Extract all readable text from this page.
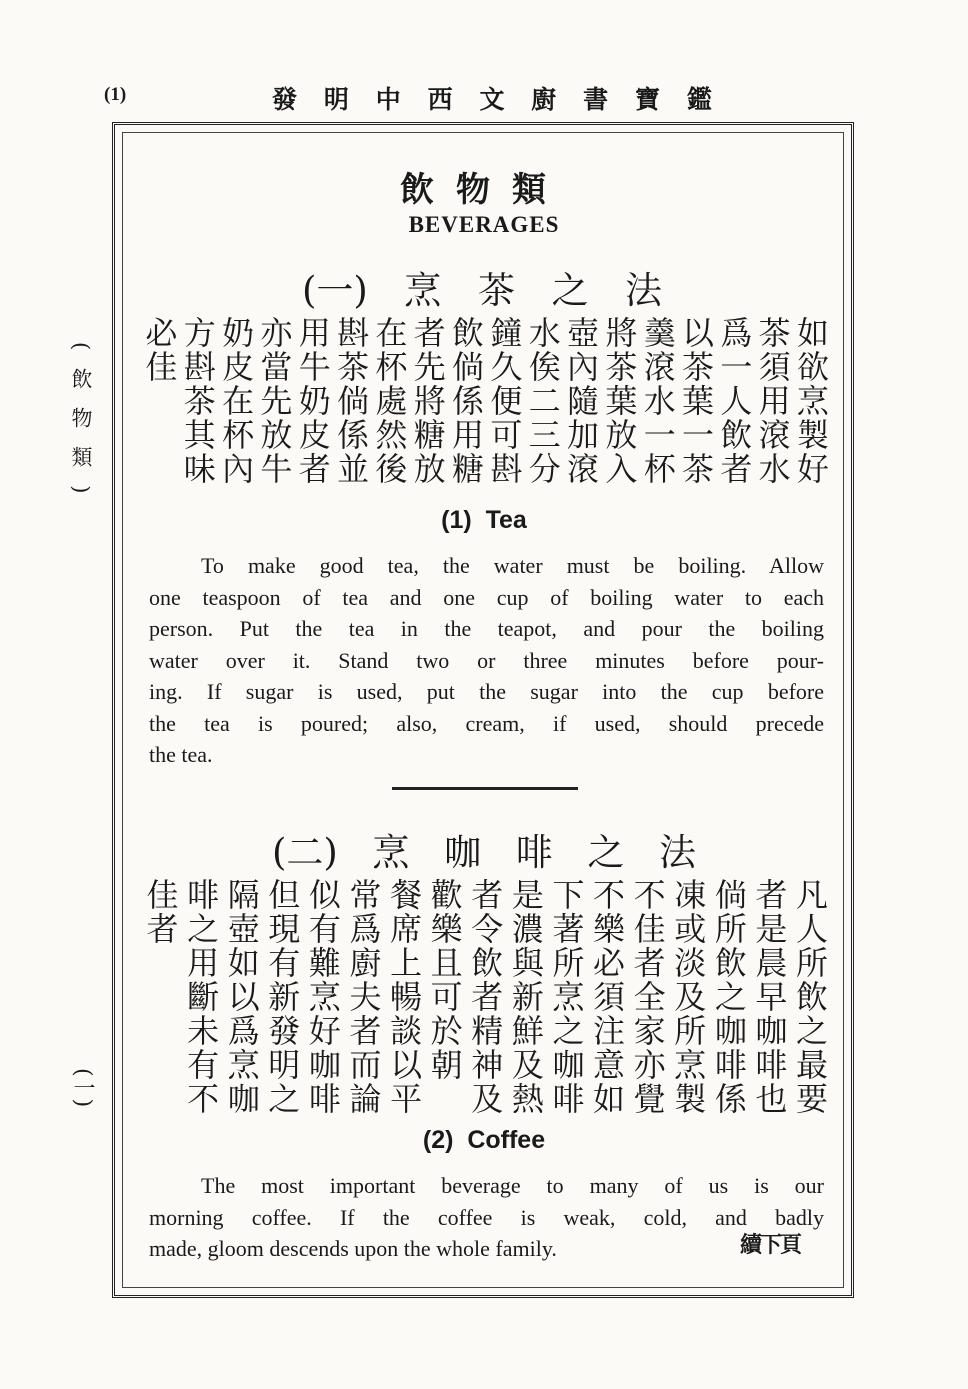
(1)	發 明 中 西 文 廚 書 寶 鑑
(飲物類)
(一)
飲物類
BEVERAGES
(一) 烹 茶 之 法
如欲烹製好
茶須用滾水
爲一人飲者
以茶葉一茶
羹滾水一杯
將茶葉放入
壺內隨加滾
水俟二三分
鐘久便可斟
飲倘係用糖
者先將糖放
在杯處然後
斟茶倘係並
用牛奶皮者
亦當先放牛
奶皮在杯內
方斟茶其味
必佳
(1)  Tea
To make good tea, the water must be boiling. Allow
one teaspoon of tea and one cup of boiling water to each
person. Put the tea in the teapot, and pour the boiling
water over it. Stand two or three minutes before pour-
ing. If sugar is used, put the sugar into the cup before
the tea is poured; also, cream, if used, should precede
the tea.
(二) 烹 咖 啡 之 法
凡人所飲之最要
者是晨早咖啡也
倘所飲之咖啡係
凍或淡及所烹製
不佳者全家亦覺
不樂必須注意如
下著所烹之咖啡
是濃與新鮮及熱
者令飲者精神及
歡樂且可於朝
餐席上暢談以平
常爲廚夫者而論
似有難烹好咖啡
但現有新發明之
隔壺如以爲烹咖
啡之用斷未有不
佳者
(2)  Coffee
The most important beverage to many of us is our
morning coffee. If the coffee is weak, cold, and badly
made, gloom descends upon the whole family.	續下頁
